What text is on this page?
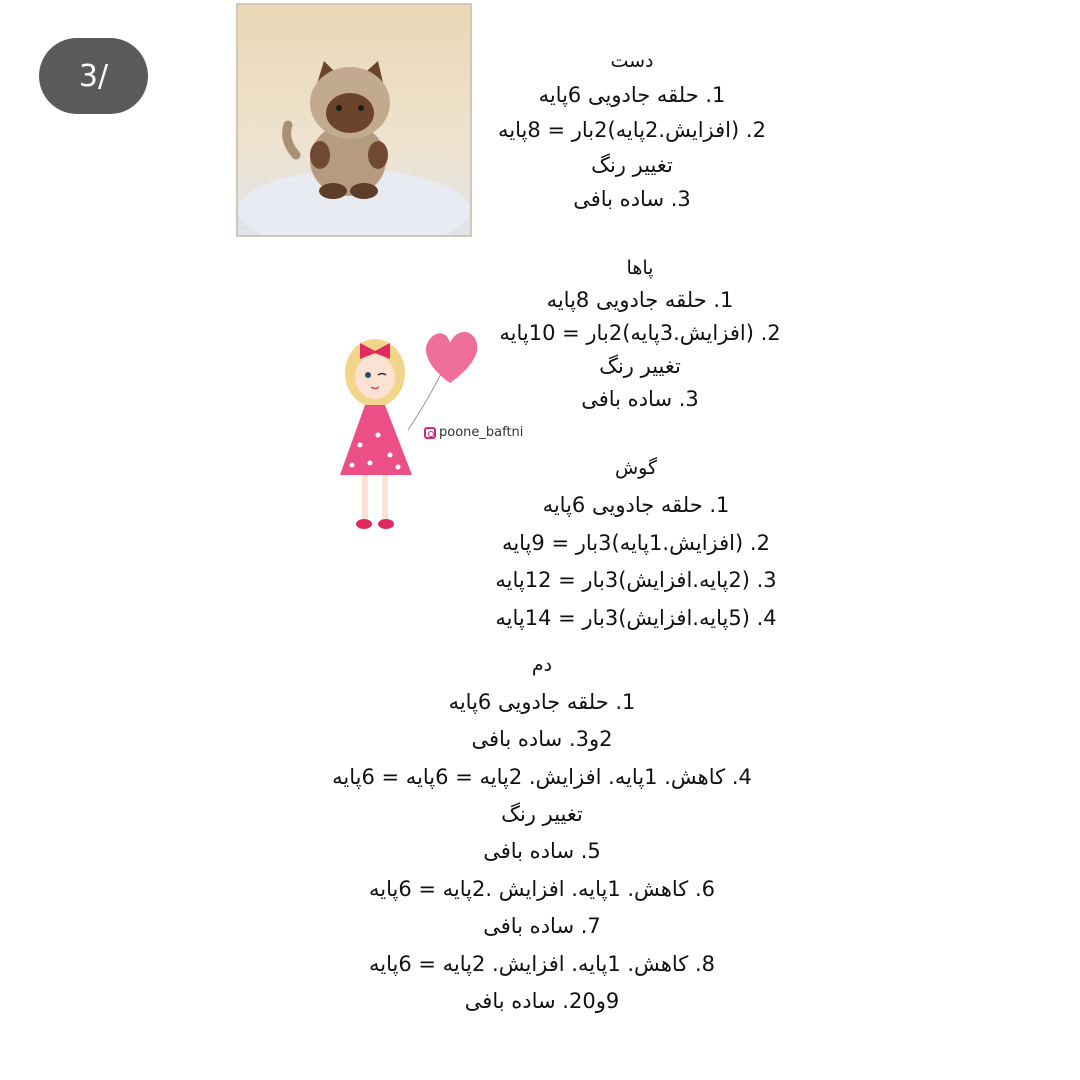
3/
poone_baftni
دست
1. حلقه جادویی 6پایه
2. (افزایش.2پایه)2بار = 8پایه
تغییر رنگ
3. ساده بافی
پاها
1. حلقه جادویی 8پایه
2. (افزایش.3پایه)2بار = 10پایه
تغییر رنگ
3. ساده بافی
گوش
1. حلقه جادویی 6پایه
2. (افزایش.1پایه)3بار = 9پایه
3. (2پایه.افزایش)3بار = 12پایه
4. (5پایه.افزایش)3بار = 14پایه
دم
1. حلقه جادویی 6پایه
2و3. ساده بافی
4. کاهش. 1پایه. افزایش. 2پایه = 6پایه = 6پایه
تغییر رنگ
5. ساده بافی
6. کاهش. 1پایه. افزایش .2پایه = 6پایه
7. ساده بافی
8. کاهش. 1پایه. افزایش. 2پایه = 6پایه
9و20. ساده بافی
